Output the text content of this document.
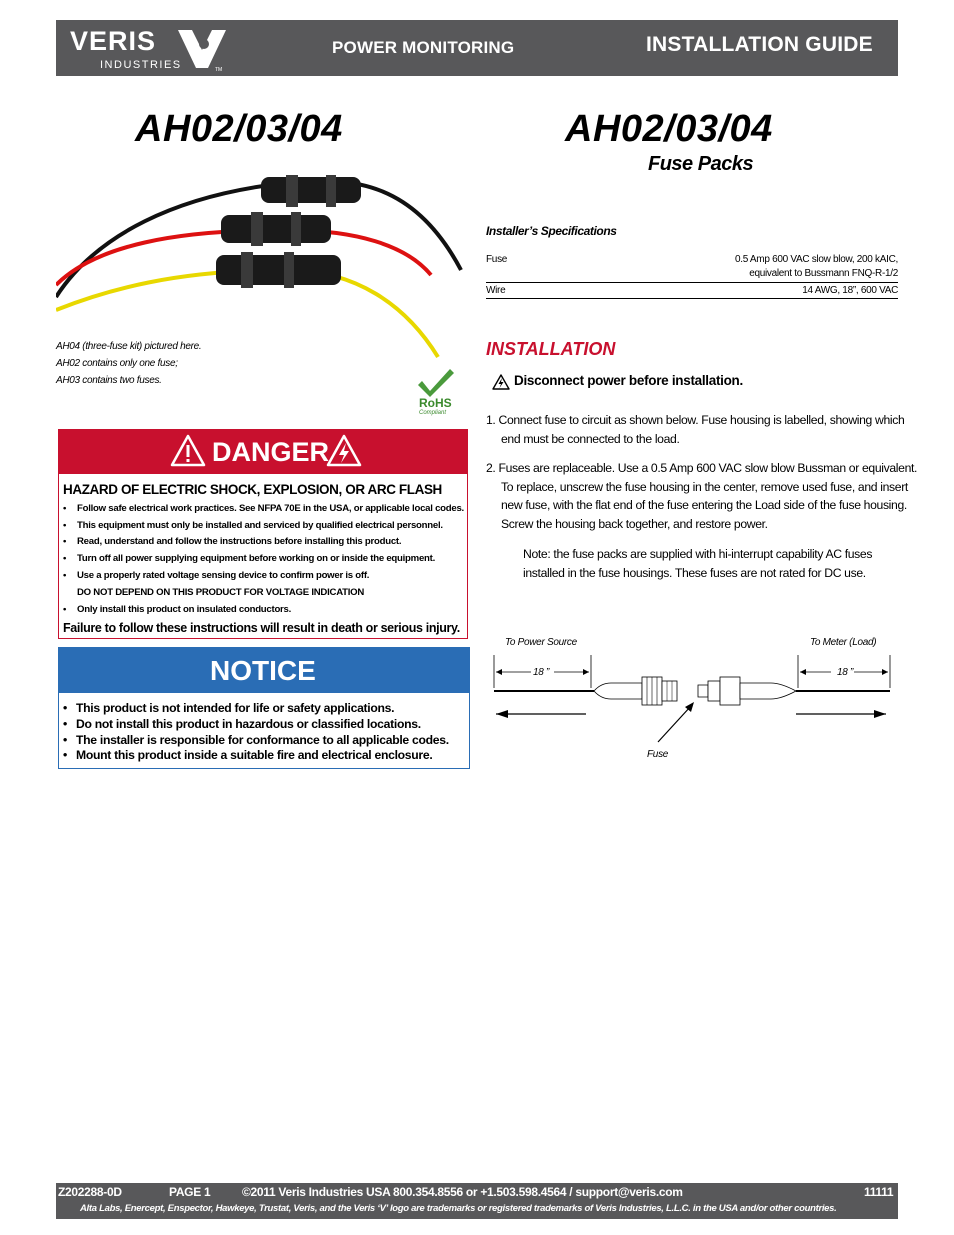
VERIS
INDUSTRIES	TM
POWER MONITORING	INSTALLATION GUIDE
AH02/03/04	AH02/03/04
Fuse Packs
AH04 (three-fuse kit) pictured here.
AH02 contains only one fuse;
AH03 contains two fuses.
RoHS
Compliant
DANGER
HAZARD OF ELECTRIC SHOCK, EXPLOSION, OR ARC FLASH
• Follow safe electrical work practices. See NFPA 70E in the USA, or applicable local codes.
• This equipment must only be installed and serviced by qualified electrical personnel.
• Read, understand and follow the instructions before installing this product.
• Turn off all power supplying equipment before working on or inside the equipment.
• Use a properly rated voltage sensing device to confirm power is off.
DO NOT DEPEND ON THIS PRODUCT FOR VOLTAGE INDICATION
• Only install this product on insulated conductors.
Failure to follow these instructions will result in death or serious injury.
NOTICE
• This product is not intended for life or safety applications.
• Do not install this product in hazardous or classified locations.
• The installer is responsible for conformance to all applicable codes.
• Mount this product inside a suitable fire and electrical enclosure.
Installer’s Specifications
Fuse	0.5 Amp 600 VAC slow blow, 200 kAIC,
equivalent to Bussmann FNQ-R-1/2
Wire	14 AWG, 18”, 600 VAC
INSTALLATION
Disconnect power before installation.
1. Connect fuse to circuit as shown below. Fuse housing is labelled, showing which
end must be connected to the load.
2. Fuses are replaceable. Use a 0.5 Amp 600 VAC slow blow Bussman or equivalent.
To replace, unscrew the fuse housing in the center, remove used fuse, and insert
new fuse, with the flat end of the fuse entering the Load side of the fuse housing.
Screw the housing back together, and restore power.
Note: the fuse packs are supplied with hi-interrupt capability AC fuses
installed in the fuse housings. These fuses are not rated for DC use.
To Power Source	To Meter (Load)
18 ”	18 ”
Fuse
Z202288-0D	PAGE 1	©2011 Veris Industries USA 800.354.8556 or +1.503.598.4564 / support@veris.com	11111
Alta Labs, Enercept, Enspector, Hawkeye, Trustat, Veris, and the Veris ‘V’ logo are trademarks or registered trademarks of Veris Industries, L.L.C. in the USA and/or other countries.
